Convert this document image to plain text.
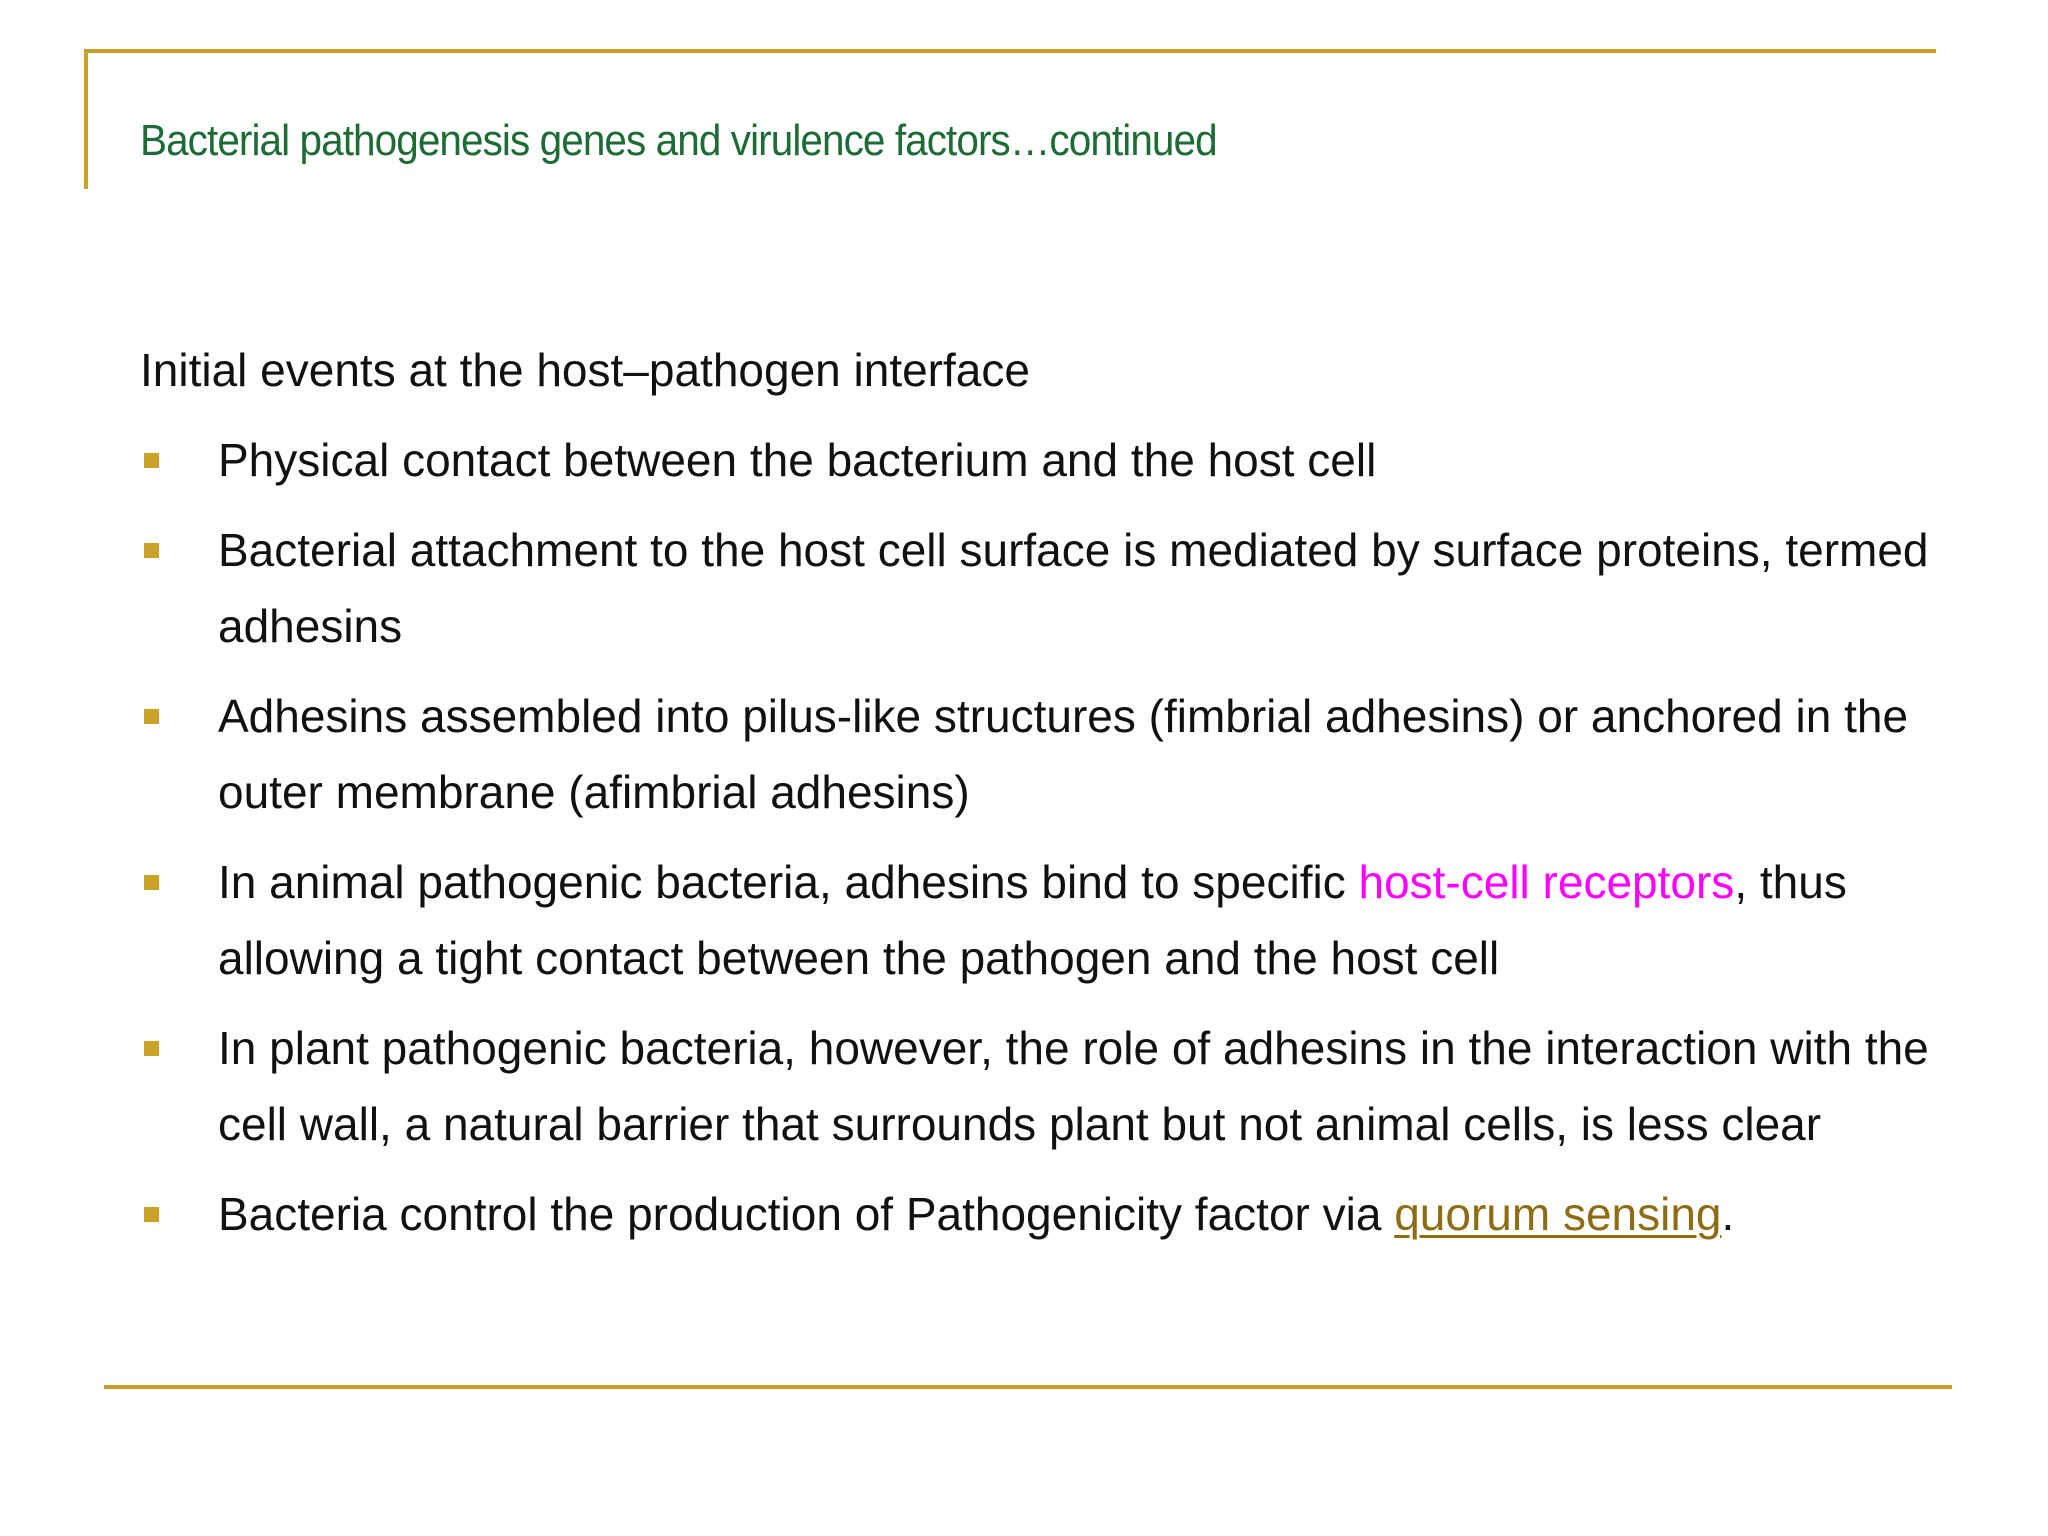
Bacterial pathogenesis genes and virulence factors…continued

Initial events at the host–pathogen interface

Physical contact between the bacterium and the host cell
Bacterial attachment to the host cell surface is mediated by surface proteins, termed adhesins
Adhesins assembled into pilus-like structures (fimbrial adhesins) or anchored in the outer membrane (afimbrial adhesins)
In animal pathogenic bacteria, adhesins bind to specific host-cell receptors, thus allowing a tight contact between the pathogen and the host cell
In plant pathogenic bacteria, however, the role of adhesins in the interaction with the cell wall, a natural barrier that surrounds plant but not animal cells, is less clear
Bacteria control the production of Pathogenicity factor via quorum sensing.
